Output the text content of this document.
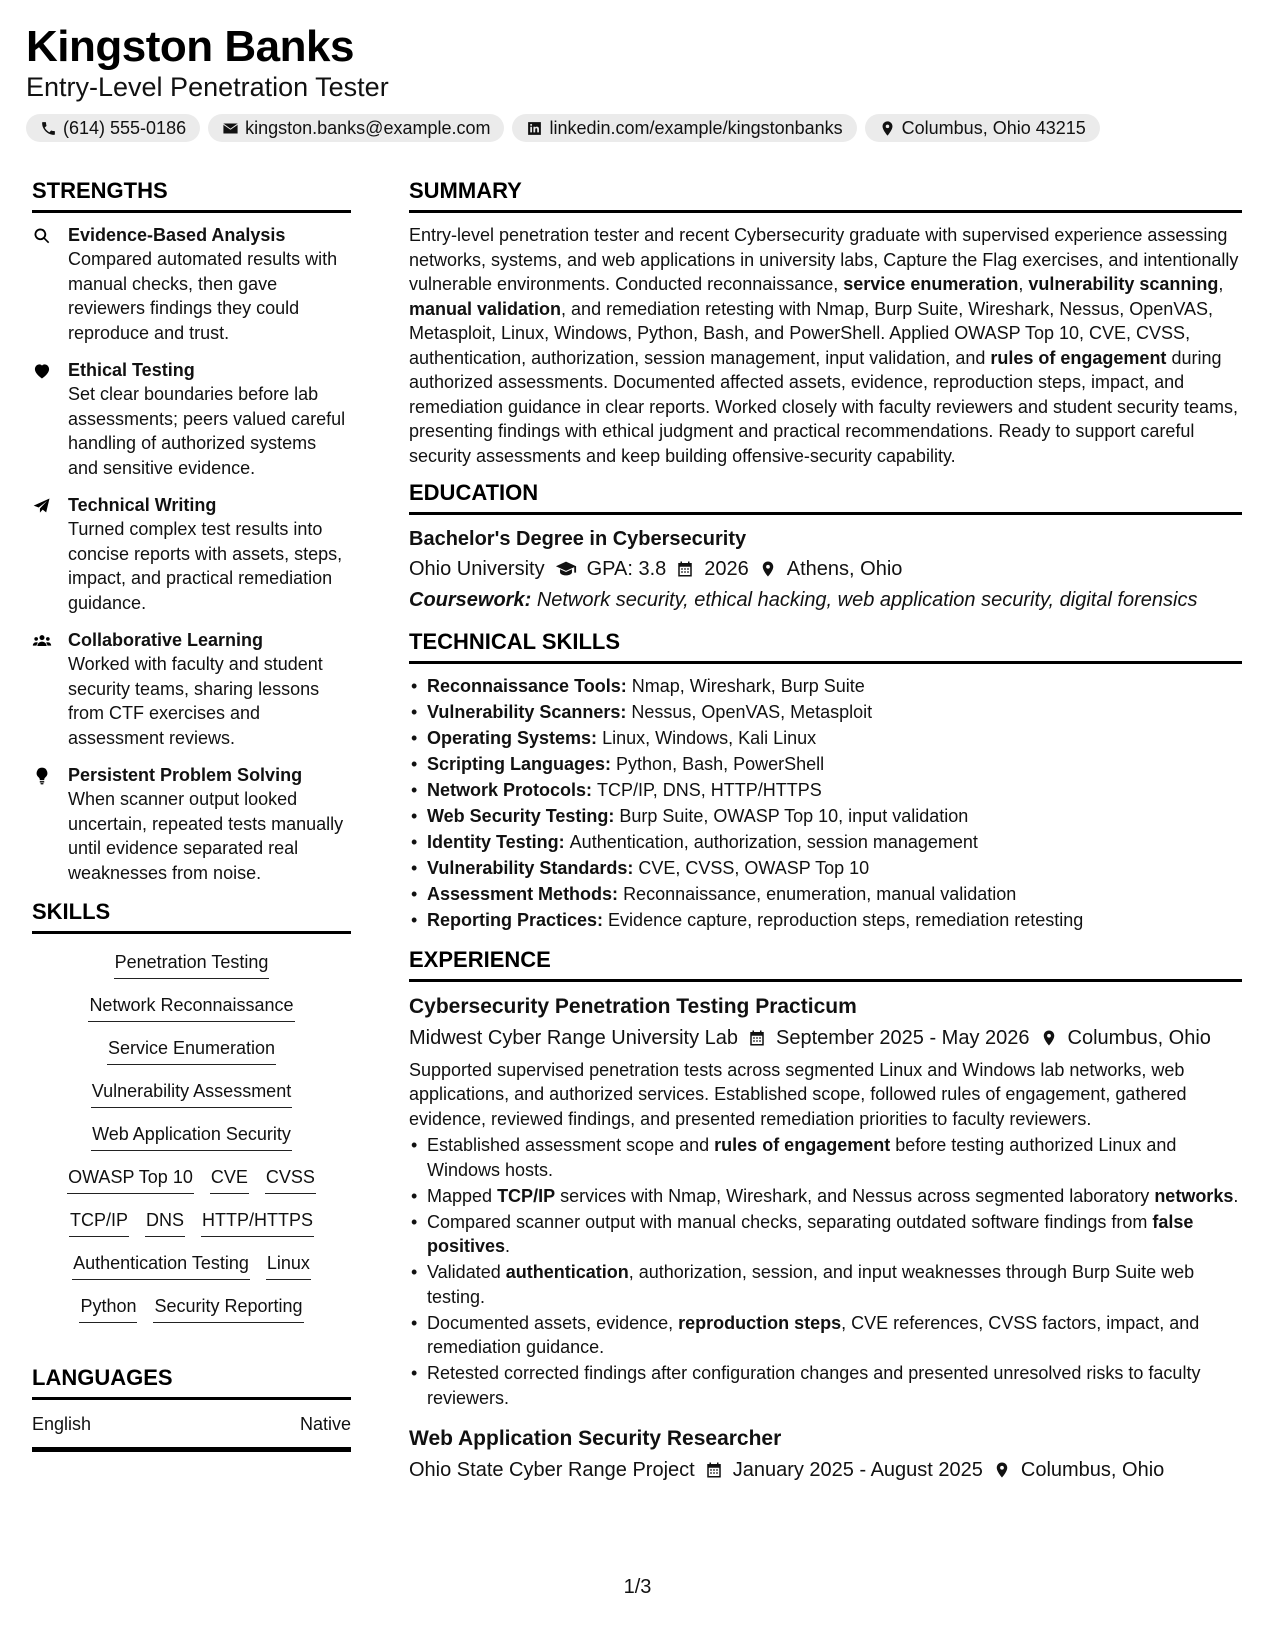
Kingston Banks
Entry-Level Penetration Tester
(614) 555-0186	kingston.banks@example.com	linkedin.com/example/kingstonbanks	Columbus, Ohio 43215
STRENGTHS
Evidence-Based Analysis
Compared automated results with manual checks, then gave reviewers findings they could reproduce and trust.
Ethical Testing
Set clear boundaries before lab assessments; peers valued careful handling of authorized systems and sensitive evidence.
Technical Writing
Turned complex test results into concise reports with assets, steps, impact, and practical remediation guidance.
Collaborative Learning
Worked with faculty and student security teams, sharing lessons from CTF exercises and assessment reviews.
Persistent Problem Solving
When scanner output looked uncertain, repeated tests manually until evidence separated real weaknesses from noise.
SKILLS
Penetration Testing
Network Reconnaissance
Service Enumeration
Vulnerability Assessment
Web Application Security
OWASP Top 10 CVE CVSS
TCP/IP DNS HTTP/HTTPS
Authentication Testing Linux
Python Security Reporting
LANGUAGES
English	Native
SUMMARY
Entry-level penetration tester and recent Cybersecurity graduate with supervised experience assessing networks, systems, and web applications in university labs, Capture the Flag exercises, and intentionally vulnerable environments. Conducted reconnaissance, service enumeration, vulnerability scanning, manual validation, and remediation retesting with Nmap, Burp Suite, Wireshark, Nessus, OpenVAS, Metasploit, Linux, Windows, Python, Bash, and PowerShell. Applied OWASP Top 10, CVE, CVSS, authentication, authorization, session management, input validation, and rules of engagement during authorized assessments. Documented affected assets, evidence, reproduction steps, impact, and remediation guidance in clear reports. Worked closely with faculty reviewers and student security teams, presenting findings with ethical judgment and practical recommendations. Ready to support careful security assessments and keep building offensive-security capability.
EDUCATION
Bachelor's Degree in Cybersecurity
Ohio University GPA: 3.8 2026 Athens, Ohio
Coursework: Network security, ethical hacking, web application security, digital forensics
TECHNICAL SKILLS
• Reconnaissance Tools: Nmap, Wireshark, Burp Suite
• Vulnerability Scanners: Nessus, OpenVAS, Metasploit
• Operating Systems: Linux, Windows, Kali Linux
• Scripting Languages: Python, Bash, PowerShell
• Network Protocols: TCP/IP, DNS, HTTP/HTTPS
• Web Security Testing: Burp Suite, OWASP Top 10, input validation
• Identity Testing: Authentication, authorization, session management
• Vulnerability Standards: CVE, CVSS, OWASP Top 10
• Assessment Methods: Reconnaissance, enumeration, manual validation
• Reporting Practices: Evidence capture, reproduction steps, remediation retesting
EXPERIENCE
Cybersecurity Penetration Testing Practicum
Midwest Cyber Range University Lab September 2025 - May 2026 Columbus, Ohio
Supported supervised penetration tests across segmented Linux and Windows lab networks, web applications, and authorized services. Established scope, followed rules of engagement, gathered evidence, reviewed findings, and presented remediation priorities to faculty reviewers.
• Established assessment scope and rules of engagement before testing authorized Linux and Windows hosts.
• Mapped TCP/IP services with Nmap, Wireshark, and Nessus across segmented laboratory networks.
• Compared scanner output with manual checks, separating outdated software findings from false positives.
• Validated authentication, authorization, session, and input weaknesses through Burp Suite web testing.
• Documented assets, evidence, reproduction steps, CVE references, CVSS factors, impact, and remediation guidance.
• Retested corrected findings after configuration changes and presented unresolved risks to faculty reviewers.
Web Application Security Researcher
Ohio State Cyber Range Project January 2025 - August 2025 Columbus, Ohio
1/3
